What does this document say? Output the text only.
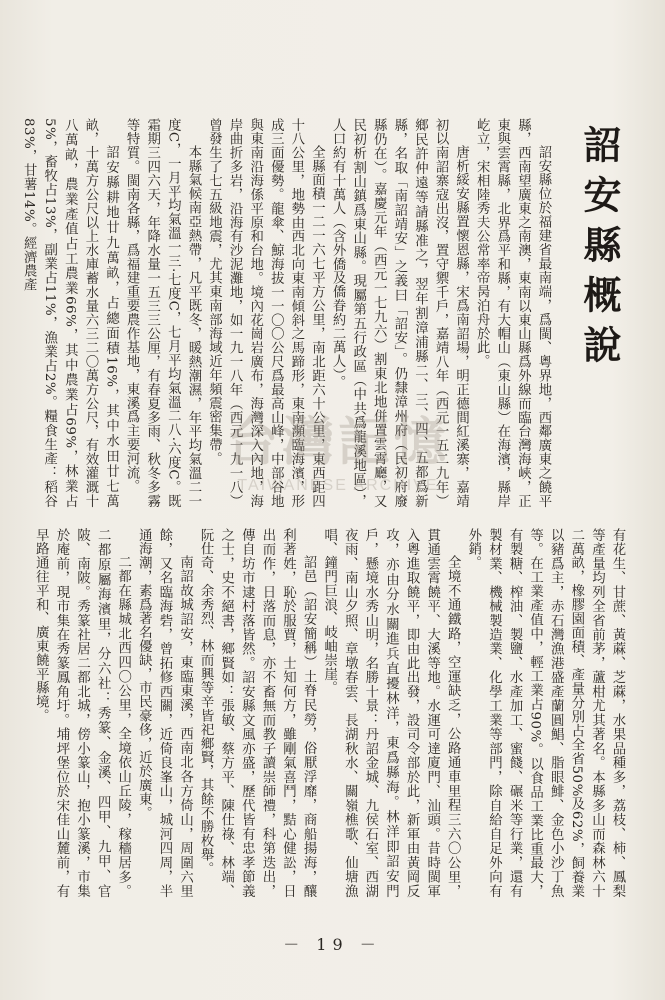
詔安縣概說

詔安縣位於福建省最南端，爲閩、粵界地，西鄰廣東之饒平縣，西南望廣東之南澳，東南以東山縣爲外線而臨台灣海峽，正東與雲霄縣，北界爲平和縣，有大帽山（東山縣）在海濱，縣岸屹立，宋相陸秀夫公常率帝昺泊舟於此。

唐析綏安縣置懷恩縣，宋爲南詔場，明正德間紅溪寨，嘉靖初以南詔寨寇出沒，置守禦千戶，嘉靖八年（西元一五二九年）鄉民許仲遠等請縣准之，翌年割漳浦縣二、三、四、五都爲新縣，名取「南詔靖安」之義曰「詔安」。仍隸漳州府（民初府廢縣仍在）。嘉慶元年（西元一七九六）割東北地併置雲霄廳，又民初析割山鎮爲東山縣。現屬第五行政區（中共爲龍溪地區），人口約有十萬人（含外僑及僑眷約二萬人）。

全縣面積一二一六七平方公里，南北距六十公里，東西距四十八公里，地勢由西北向東南傾斜之馬蹄形，東南瀕臨海濱，形成三面優勢。龍傘、鯨海拔一一〇〇公尺爲最高山峰，中部谷地與東南沿海係平原和台地。境內花崗岩廣布，海灣深入內地，海岸曲折多岩，沿海有沙泥灘地，如一九一八年（西元一九一八）曾發生了七五級地震，尤其東南部海域近年頻震密集帶。

本縣氣候南亞熱帶，凡平既冬，暖熱潮濕，年平均氣溫二一度C，一月平均氣溫一三·七度C，七月平均氣溫二八·六度C。既霜期三四六天，年降水量一五三三公厘，有春夏多雨、秋冬多霧等特質。閩南各縣，爲福建重要農作基地，東溪爲主要河流。

詔安縣耕地廿九萬畝，占總面積16%，其中水田廿七萬畝，十萬方公尺以上水庫蓄水量六三二〇萬方公尺，有效灌溉十八萬畝，農業產值占工農業66%，其中農業占69%，林業占5%，畜牧占13%，副業占11%，漁業占2%。糧食生產：稻谷83%，甘薯14%。經濟農產

有花生、甘蔗、黃蔴、芝蔴，水果品種多，荔枝、柿、鳳梨等產量均列全省前茅，蘆柑尤其著名。本縣多山而森林六十二萬畝，橡膠園面積、產量分別占全省50%及62%，飼養業以豬爲主，赤石灣漁港盛產蘭圓鯧、脂眼鯡、金色小沙丁魚等。在工業產值中，輕工業占90%。以食品工業比重最大，有製糖、榨油、製鹽、水產加工、蜜餞、碾米等行業，還有製材業、機械製造業、化學工業等部門，除自給自足外向有外銷。

全境不通鐵路，空運缺乏，公路通車里程三六〇公里，貫通雲霄饒平、大溪等地。水運可達廈門、汕頭。昔時閩軍入粵進取饒平，即由此出發，設司令部於此，新軍由黃岡反攻，亦由分水關進兵直擾林洋，東爲縣海。林洋即詔安門戶，懸境水秀山明，名勝十景：丹詔金城、九侯石室、西湖夜雨、南山夕照、章墩春雲、長湖秋水、關嶺樵歌、仙塘漁唱、鐘門巨浪、岐岫崇崖。

詔邑（詔安簡稱）土脊民勞，俗厭浮靡，商船揚海，釀利著姓，恥於服賈，士知何方，雖剛氣喜鬥，黠心健訟，日出而作，日落而息，亦不畜無而教子讀崇師禮，科第迭出，傳自坊市逮村落皆然。詔安縣文風亦盛，歷代皆有忠孝節義之士，史不絕書，鄉賢如：張敏、蔡方平、陳仕祿、林端、阮仕奇、余秀烈、林而興等辛皆祀鄉賢，其餘不勝枚舉。

南詔故城詔安，東臨東溪，西南北各方倚山，周圍六里餘，又名臨海砦，曾拓修西關，近倚良峯山，城河四周，半通海潮，素爲著名優缺，市民豪侈，近於廣東。

二都在縣城北西四〇公里，全境依山丘陵，稼穡居多。二都原屬海濱里，分六社：秀篆、金溪、四甲、九甲、官陂、南陂。秀篆社居二都北城，傍小篆山，抱小篆溪，市集於庵前，現市集在秀篆鳳角圩。埔坪堡位於宋佳山麓前，有早路通往平和、廣東饒平縣境。

台灣記憶
TAIWANESE ARCHIVE
－ 19 －
